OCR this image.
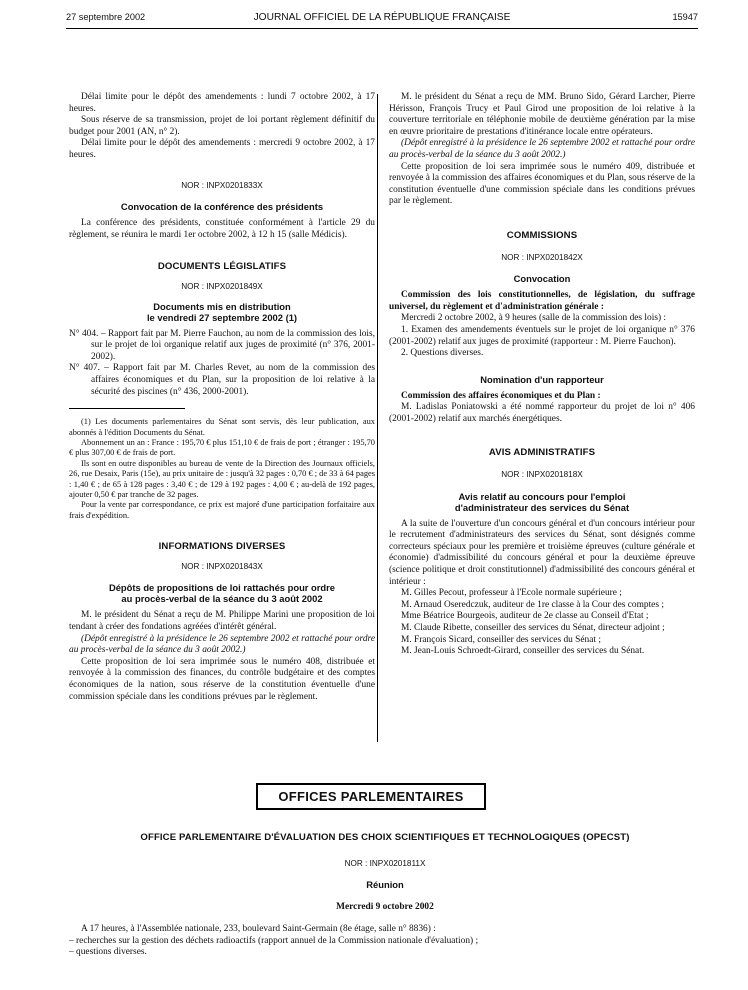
27 septembre 2002	JOURNAL OFFICIEL DE LA RÉPUBLIQUE FRANÇAISE	15947

Délai limite pour le dépôt des amendements : lundi 7 octobre 2002, à 17 heures.

Sous réserve de sa transmission, projet de loi portant règlement définitif du budget pour 2001 (AN, n° 2).

Délai limite pour le dépôt des amendements : mercredi 9 octobre 2002, à 17 heures.

NOR : INPX0201833X

Convocation de la conférence des présidents

La conférence des présidents, constituée conformément à l'article 29 du règlement, se réunira le mardi 1er octobre 2002, à 12 h 15 (salle Médicis).

DOCUMENTS LÉGISLATIFS

NOR : INPX0201849X

Documents mis en distribution

le vendredi 27 septembre 2002 (1)

N° 404. – Rapport fait par M. Pierre Fauchon, au nom de la commission des lois, sur le projet de loi organique relatif aux juges de proximité (n° 376, 2001-2002).

N° 407. – Rapport fait par M. Charles Revet, au nom de la commission des affaires économiques et du Plan, sur la proposition de loi relative à la sécurité des piscines (n° 436, 2000-2001).

(1) Les documents parlementaires du Sénat sont servis, dès leur publication, aux abonnés à l'édition Documents du Sénat.

Abonnement un an : France : 195,70 € plus 151,10 € de frais de port ; étranger : 195,70 € plus 307,00 € de frais de port.

Ils sont en outre disponibles au bureau de vente de la Direction des Journaux officiels, 26, rue Desaix, Paris (15e), au prix unitaire de : jusqu'à 32 pages : 0,70 € ; de 33 à 64 pages : 1,40 € ; de 65 à 128 pages : 3,40 € ; de 129 à 192 pages : 4,00 € ; au-delà de 192 pages, ajouter 0,50 € par tranche de 32 pages.

Pour la vente par correspondance, ce prix est majoré d'une participation forfaitaire aux frais d'expédition.

INFORMATIONS DIVERSES

NOR : INPX0201843X

Dépôts de propositions de loi rattachés pour ordre

au procès-verbal de la séance du 3 août 2002

M. le président du Sénat a reçu de M. Philippe Marini une proposition de loi tendant à créer des fondations agréées d'intérêt général.

(Dépôt enregistré à la présidence le 26 septembre 2002 et rattaché pour ordre au procès-verbal de la séance du 3 août 2002.)

Cette proposition de loi sera imprimée sous le numéro 408, distribuée et renvoyée à la commission des finances, du contrôle budgétaire et des comptes économiques de la nation, sous réserve de la constitution éventuelle d'une commission spéciale dans les conditions prévues par le règlement.

M. le président du Sénat a reçu de MM. Bruno Sido, Gérard Larcher, Pierre Hérisson, François Trucy et Paul Girod une proposition de loi relative à la couverture territoriale en téléphonie mobile de deuxième génération par la mise en œuvre prioritaire de prestations d'itinérance locale entre opérateurs.

(Dépôt enregistré à la présidence le 26 septembre 2002 et rattaché pour ordre au procès-verbal de la séance du 3 août 2002.)

Cette proposition de loi sera imprimée sous le numéro 409, distribuée et renvoyée à la commission des affaires économiques et du Plan, sous réserve de la constitution éventuelle d'une commission spéciale dans les conditions prévues par le règlement.

COMMISSIONS

NOR : INPX0201842X

Convocation

Commission des lois constitutionnelles, de législation, du suffrage universel, du règlement et d'administration générale :

Mercredi 2 octobre 2002, à 9 heures (salle de la commission des lois) :

1. Examen des amendements éventuels sur le projet de loi organique n° 376 (2001-2002) relatif aux juges de proximité (rapporteur : M. Pierre Fauchon).

2. Questions diverses.

Nomination d'un rapporteur

Commission des affaires économiques et du Plan :

M. Ladislas Poniatowski a été nommé rapporteur du projet de loi n° 406 (2001-2002) relatif aux marchés énergétiques.

AVIS ADMINISTRATIFS

NOR : INPX0201818X

Avis relatif au concours pour l'emploi

d'administrateur des services du Sénat

A la suite de l'ouverture d'un concours général et d'un concours intérieur pour le recrutement d'administrateurs des services du Sénat, sont désignés comme correcteurs spéciaux pour les première et troisième épreuves (culture générale et économie) d'admissibilité du concours général et pour la deuxième épreuve (science politique et droit constitutionnel) d'admissibilité des concours général et intérieur :

M. Gilles Pecout, professeur à l'Ecole normale supérieure ;

M. Arnaud Oseredczuk, auditeur de 1re classe à la Cour des comptes ;

Mme Béatrice Bourgeois, auditeur de 2e classe au Conseil d'Etat ;

M. Claude Ribette, conseiller des services du Sénat, directeur adjoint ;

M. François Sicard, conseiller des services du Sénat ;

M. Jean-Louis Schroedt-Girard, conseiller des services du Sénat.

OFFICES PARLEMENTAIRES

OFFICE PARLEMENTAIRE D'ÉVALUATION DES CHOIX SCIENTIFIQUES ET TECHNOLOGIQUES (OPECST)

NOR : INPX0201811X

Réunion

Mercredi 9 octobre 2002

A 17 heures, à l'Assemblée nationale, 233, boulevard Saint-Germain (8e étage, salle n° 8836) :

– recherches sur la gestion des déchets radioactifs (rapport annuel de la Commission nationale d'évaluation) ;

– questions diverses.
